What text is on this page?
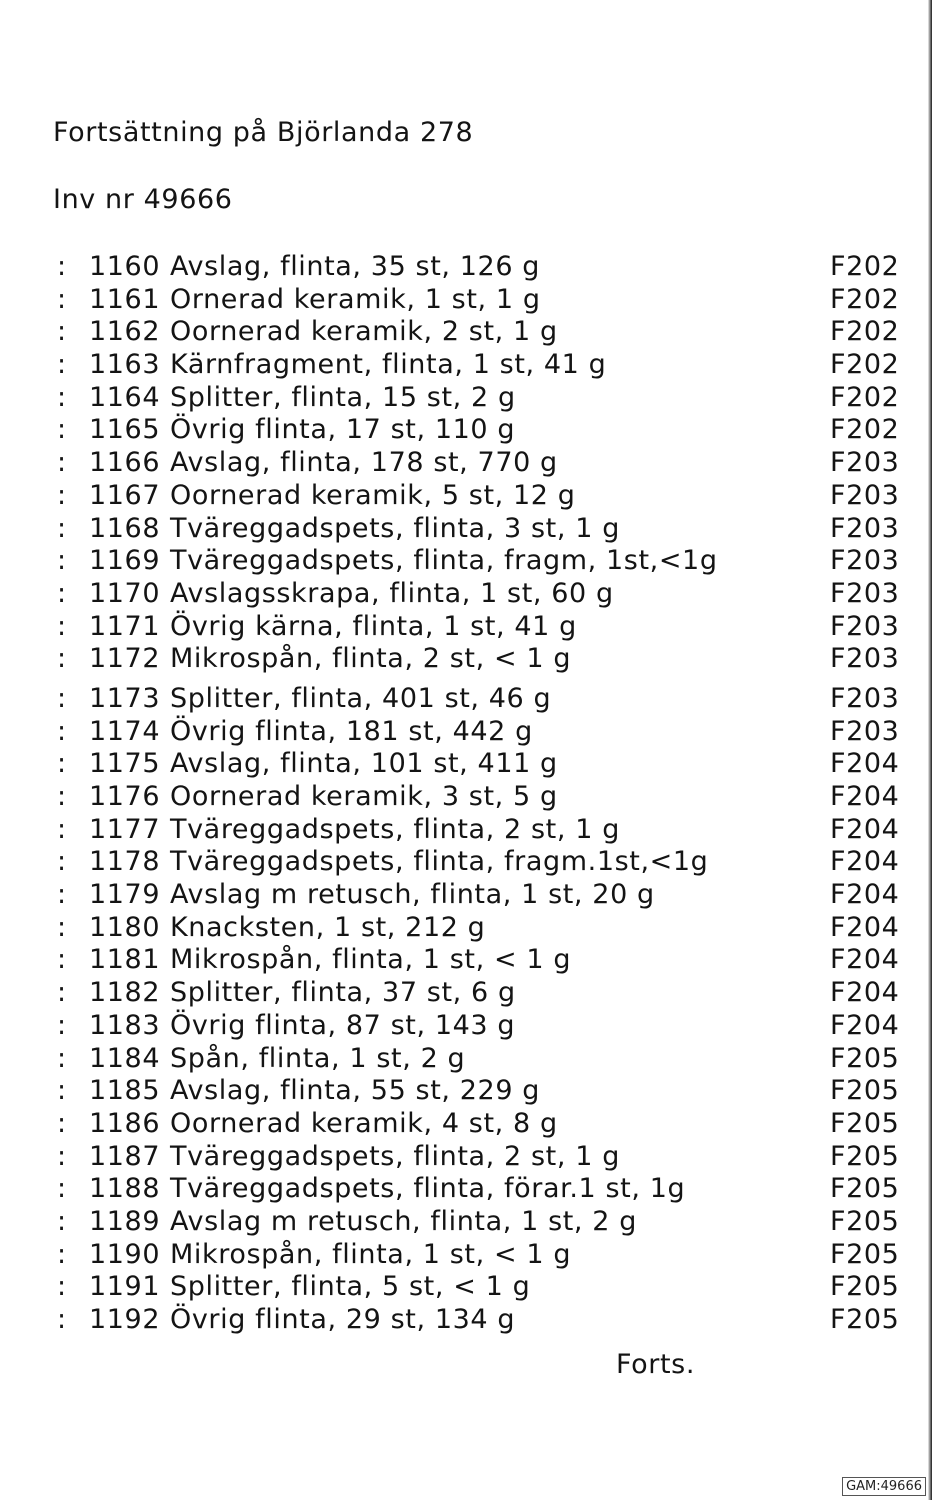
Fortsättning på Björlanda 278
Inv nr 49666
: 1160 Avslag, flinta, 35 st, 126 g	F202
: 1161 Ornerad keramik, 1 st, 1 g	F202
: 1162 Oornerad keramik, 2 st, 1 g	F202
: 1163 Kärnfragment, flinta, 1 st, 41 g	F202
: 1164 Splitter, flinta, 15 st, 2 g	F202
: 1165 Övrig flinta, 17 st, 110 g	F202
: 1166 Avslag, flinta, 178 st, 770 g	F203
: 1167 Oornerad keramik, 5 st, 12 g	F203
: 1168 Tväreggadspets, flinta, 3 st, 1 g	F203
: 1169 Tväreggadspets, flinta, fragm, 1st,<1g	F203
: 1170 Avslagsskrapa, flinta, 1 st, 60 g	F203
: 1171 Övrig kärna, flinta, 1 st, 41 g	F203
: 1172 Mikrospån, flinta, 2 st, < 1 g	F203
: 1173 Splitter, flinta, 401 st, 46 g	F203
: 1174 Övrig flinta, 181 st, 442 g	F203
: 1175 Avslag, flinta, 101 st, 411 g	F204
: 1176 Oornerad keramik, 3 st, 5 g	F204
: 1177 Tväreggadspets, flinta, 2 st, 1 g	F204
: 1178 Tväreggadspets, flinta, fragm.1st,<1g	F204
: 1179 Avslag m retusch, flinta, 1 st, 20 g	F204
: 1180 Knacksten, 1 st, 212 g	F204
: 1181 Mikrospån, flinta, 1 st, < 1 g	F204
: 1182 Splitter, flinta, 37 st, 6 g	F204
: 1183 Övrig flinta, 87 st, 143 g	F204
: 1184 Spån, flinta, 1 st, 2 g	F205
: 1185 Avslag, flinta, 55 st, 229 g	F205
: 1186 Oornerad keramik, 4 st, 8 g	F205
: 1187 Tväreggadspets, flinta, 2 st, 1 g	F205
: 1188 Tväreggadspets, flinta, förar.1 st, 1g	F205
: 1189 Avslag m retusch, flinta, 1 st, 2 g	F205
: 1190 Mikrospån, flinta, 1 st, < 1 g	F205
: 1191 Splitter, flinta, 5 st, < 1 g	F205
: 1192 Övrig flinta, 29 st, 134 g	F205
Forts.
GAM:49666
